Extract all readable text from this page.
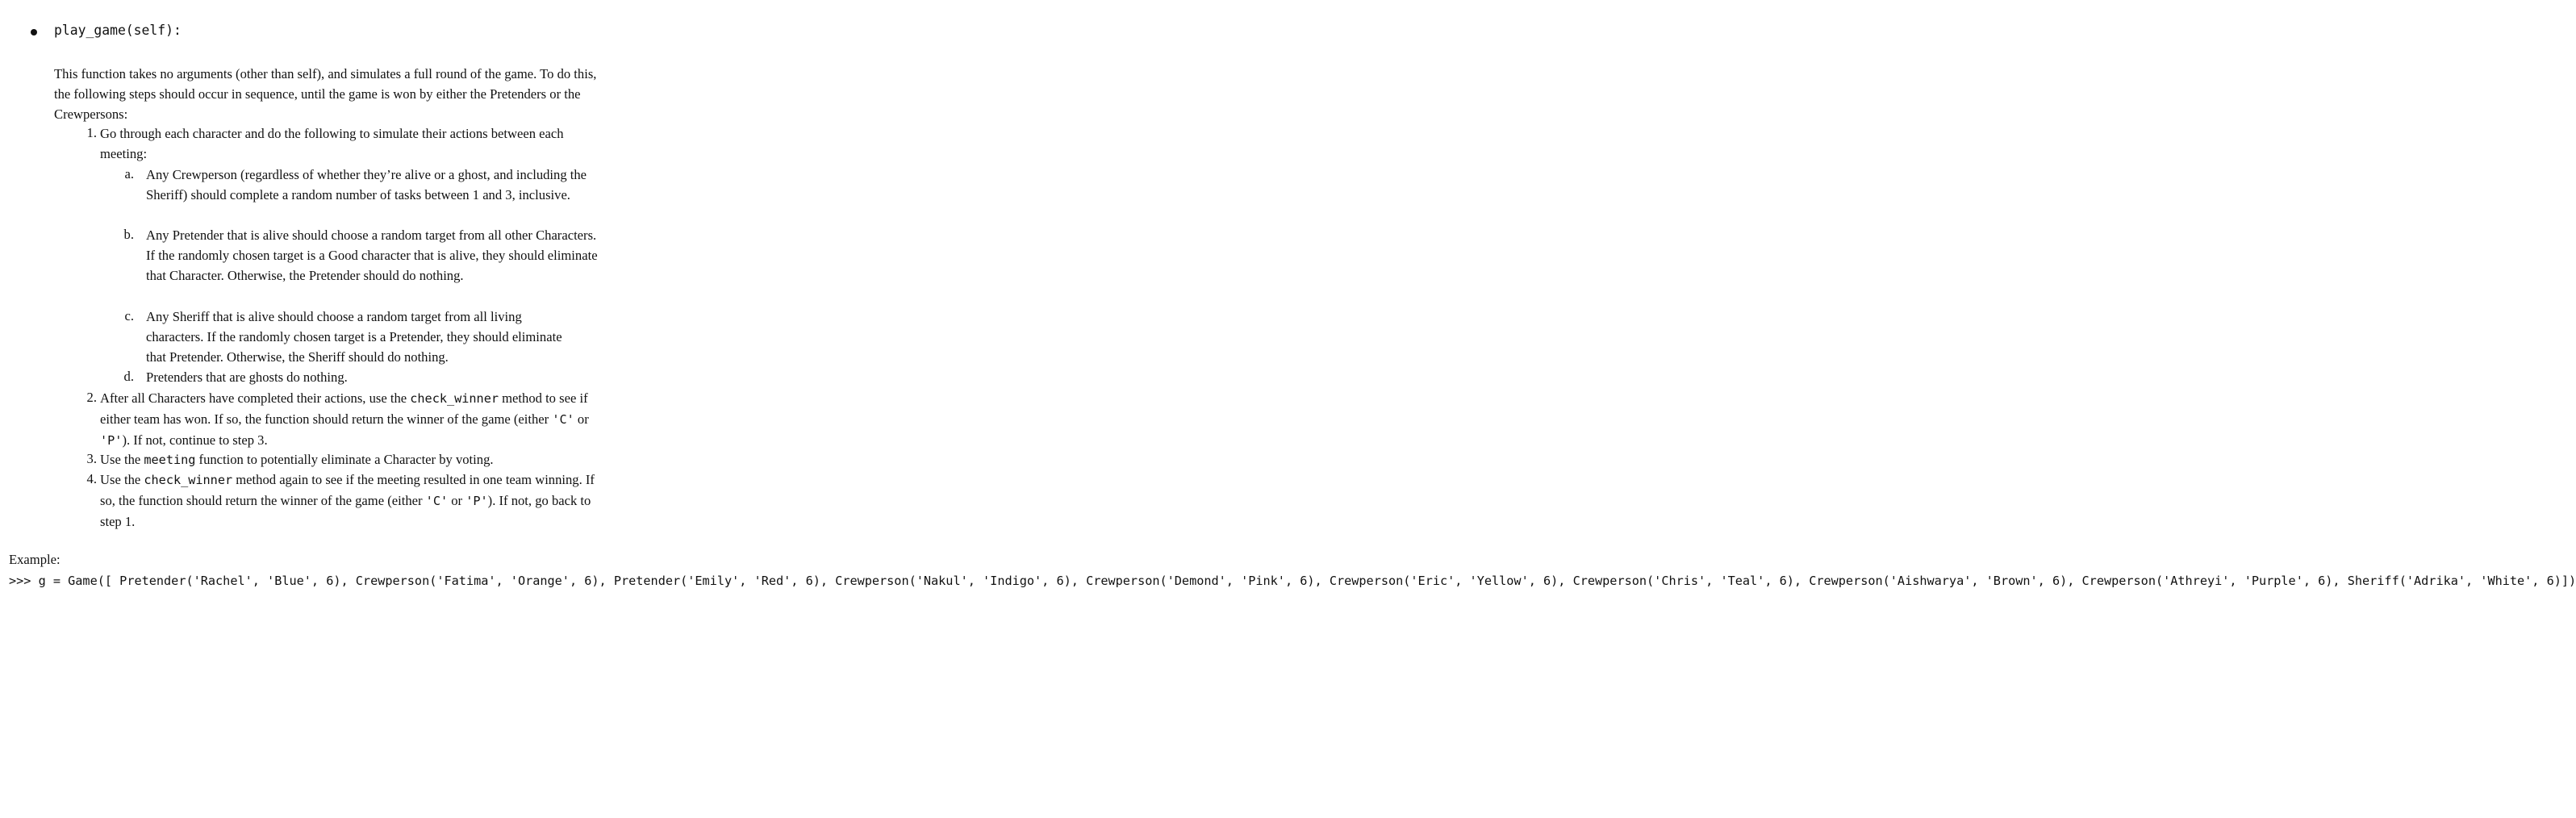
play_game(self):
This function takes no arguments (other than self), and simulates a full round of the game. To do this, the following steps should occur in sequence, until the game is won by either the Pretenders or the Crewpersons:
1. Go through each character and do the following to simulate their actions between each meeting:
a. Any Crewperson (regardless of whether they’re alive or a ghost, and including the Sheriff) should complete a random number of tasks between 1 and 3, inclusive.
b. Any Pretender that is alive should choose a random target from all other Characters. If the randomly chosen target is a Good character that is alive, they should eliminate that Character. Otherwise, the Pretender should do nothing.
c. Any Sheriff that is alive should choose a random target from all living characters. If the randomly chosen target is a Pretender, they should eliminate that Pretender. Otherwise, the Sheriff should do nothing.
d. Pretenders that are ghosts do nothing.
2. After all Characters have completed their actions, use the check_winner method to see if either team has won. If so, the function should return the winner of the game (either 'C' or 'P'). If not, continue to step 3.
3. Use the meeting function to potentially eliminate a Character by voting.
4. Use the check_winner method again to see if the meeting resulted in one team winning. If so, the function should return the winner of the game (either 'C' or 'P'). If not, go back to step 1.
Example:
>>> g = Game([ Pretender('Rachel', 'Blue', 6), Crewperson('Fatima', 'Orange', 6), Pretender('Emily', 'Red', 6), Crewperson('Nakul', 'Indigo', 6), Crewperson('Demond', 'Pink', 6), Crewperson('Eric', 'Yellow', 6), Crewperson('Chris', 'Teal', 6), Crewperson('Aishwarya', 'Brown', 6), Crewperson('Athreyi', 'Purple', 6), Sheriff('Adrika', 'White', 6)])
